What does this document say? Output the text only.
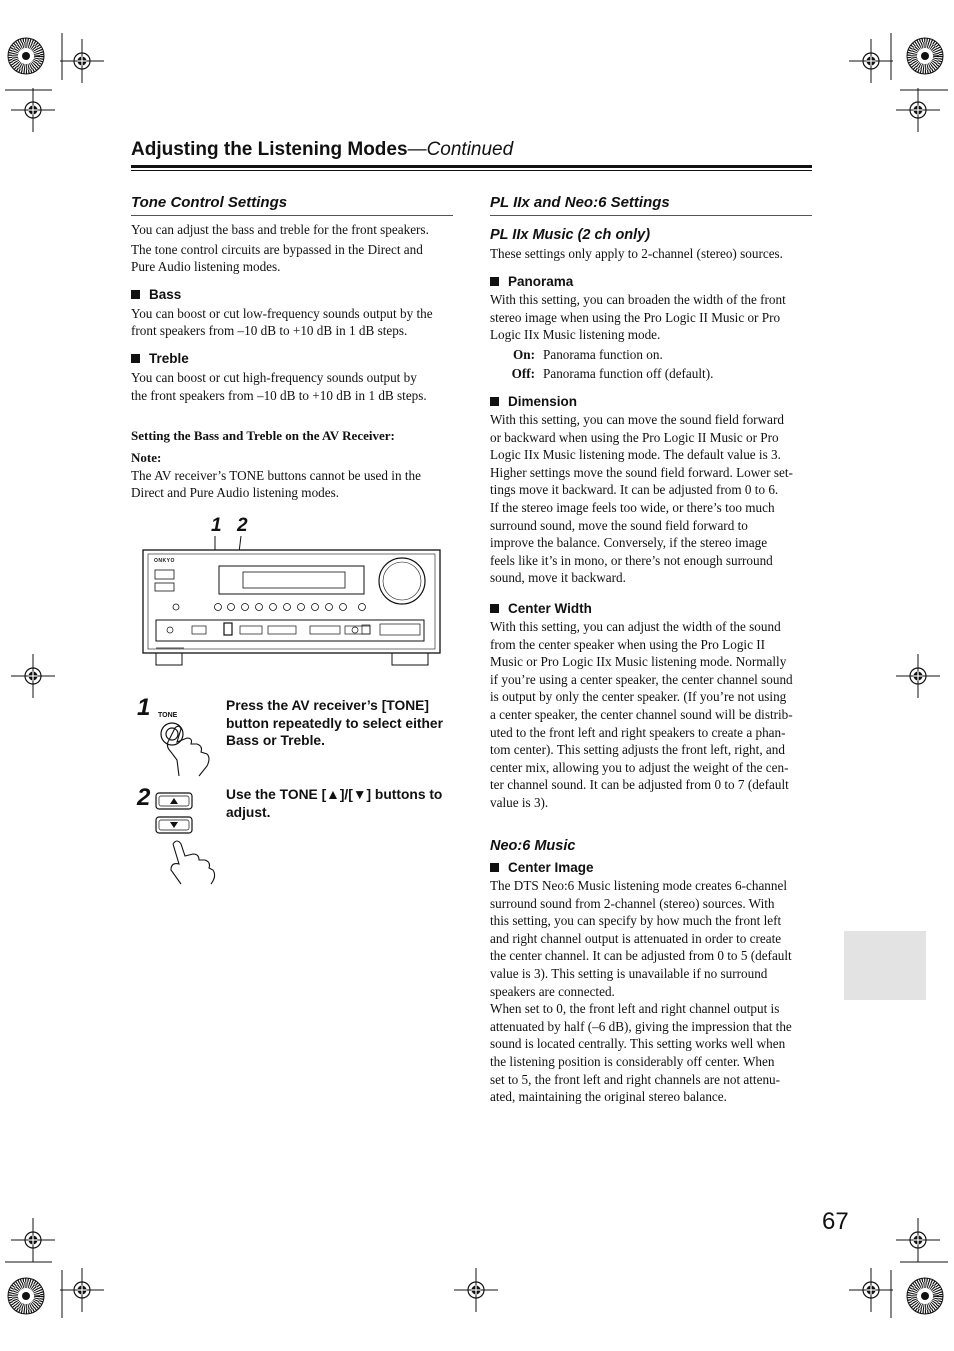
Adjusting the Listening Modes—Continued
Tone Control Settings
You can adjust the bass and treble for the front speakers.
The tone control circuits are bypassed in the Direct and
Pure Audio listening modes.
Bass
You can boost or cut low-frequency sounds output by the
front speakers from –10 dB to +10 dB in 1 dB steps.
Treble
You can boost or cut high-frequency sounds output by
the front speakers from –10 dB to +10 dB in 1 dB steps.
Setting the Bass and Treble on the AV Receiver:
Note:
The AV receiver’s TONE buttons cannot be used in the
Direct and Pure Audio listening modes.
1 2
ONKYO
1 TONE
Press the AV receiver’s [TONE]
button repeatedly to select either
Bass or Treble.
2	Use the TONE [▲]/[▼] buttons to
adjust.
PL IIx and Neo:6 Settings
PL IIx Music (2 ch only)
These settings only apply to 2-channel (stereo) sources.
Panorama
With this setting, you can broaden the width of the front
stereo image when using the Pro Logic II Music or Pro
Logic IIx Music listening mode.
On: Panorama function on.
Off: Panorama function off (default).
Dimension
With this setting, you can move the sound field forward
or backward when using the Pro Logic II Music or Pro
Logic IIx Music listening mode. The default value is 3.
Higher settings move the sound field forward. Lower set-
tings move it backward. It can be adjusted from 0 to 6.
If the stereo image feels too wide, or there’s too much
surround sound, move the sound field forward to
improve the balance. Conversely, if the stereo image
feels like it’s in mono, or there’s not enough surround
sound, move it backward.
Center Width
With this setting, you can adjust the width of the sound
from the center speaker when using the Pro Logic II
Music or Pro Logic IIx Music listening mode. Normally
if you’re using a center speaker, the center channel sound
is output by only the center speaker. (If you’re not using
a center speaker, the center channel sound will be distrib-
uted to the front left and right speakers to create a phan-
tom center). This setting adjusts the front left, right, and
center mix, allowing you to adjust the weight of the cen-
ter channel sound. It can be adjusted from 0 to 7 (default
value is 3).
Neo:6 Music
Center Image
The DTS Neo:6 Music listening mode creates 6-channel
surround sound from 2-channel (stereo) sources. With
this setting, you can specify by how much the front left
and right channel output is attenuated in order to create
the center channel. It can be adjusted from 0 to 5 (default
value is 3). This setting is unavailable if no surround
speakers are connected.
When set to 0, the front left and right channel output is
attenuated by half (–6 dB), giving the impression that the
sound is located centrally. This setting works well when
the listening position is considerably off center. When
set to 5, the front left and right channels are not attenu-
ated, maintaining the original stereo balance.
67
